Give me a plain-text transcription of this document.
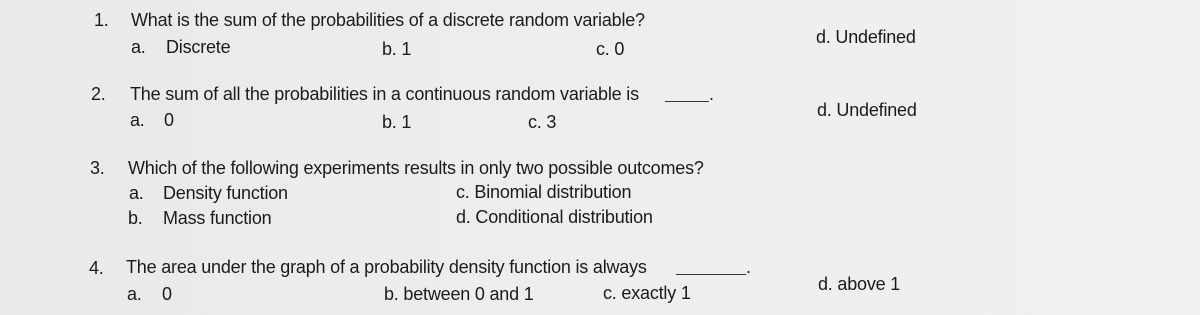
1. What is the sum of the probabilities of a discrete random variable?
a. Discrete	b. 1	c. 0
d. Undefined
2. The sum of all the probabilities in a continuous random variable is	.
a. 0	b. 1	c. 3
d. Undefined
3. Which of the following experiments results in only two possible outcomes?
a. Density function	c. Binomial distribution
b. Mass function	d. Conditional distribution
4. The area under the graph of a probability density function is always	.
a. 0	b. between 0 and 1	c. exactly 1	d. above 1
